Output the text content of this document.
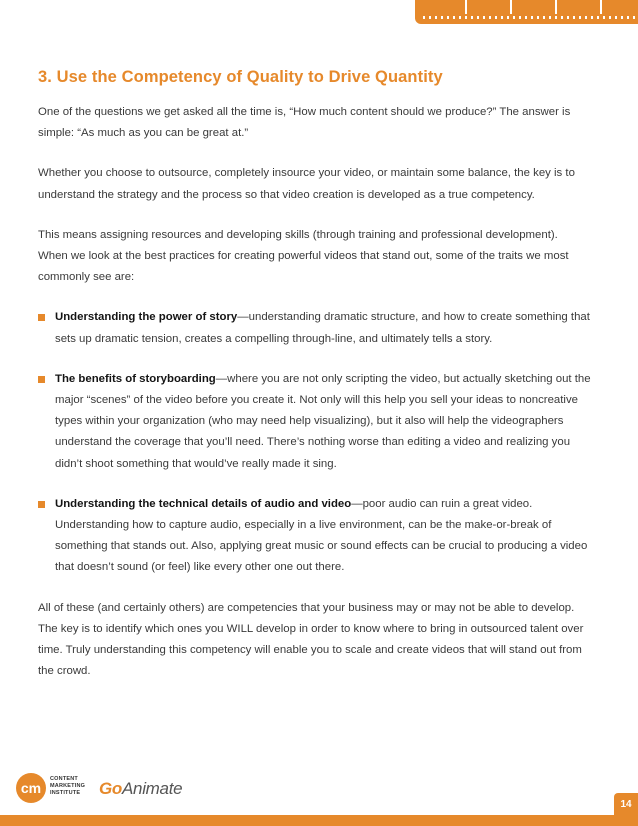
3. Use the Competency of Quality to Drive Quantity

One of the questions we get asked all the time is, “How much content should we produce?” The answer is simple: “As much as you can be great at.”

Whether you choose to outsource, completely insource your video, or maintain some balance, the key is to understand the strategy and the process so that video creation is developed as a true competency.

This means assigning resources and developing skills (through training and professional development).
When we look at the best practices for creating powerful videos that stand out, some of the traits we most commonly see are:

Understanding the power of story—understanding dramatic structure, and how to create something that sets up dramatic tension, creates a compelling through-line, and ultimately tells a story.
The benefits of storyboarding—where you are not only scripting the video, but actually sketching out the major “scenes” of the video before you create it. Not only will this help you sell your ideas to noncreative types within your organization (who may need help visualizing), but it also will help the videographers understand the coverage that you’ll need. There’s nothing worse than editing a video and realizing you didn’t shoot something that would’ve really made it sing.
Understanding the technical details of audio and video—poor audio can ruin a great video. Understanding how to capture audio, especially in a live environment, can be the make-or-break of something that stands out. Also, applying great music or sound effects can be crucial to producing a video that doesn’t sound (or feel) like every other one out there.

All of these (and certainly others) are competencies that your business may or may not be able to develop. The key is to identify which ones you WILL develop in order to know where to bring in outsourced talent over time. Truly understanding this competency will enable you to scale and create videos that will stand out from the crowd.

cm
CONTENT
MARKETING
INSTITUTE GoAnimate
14
